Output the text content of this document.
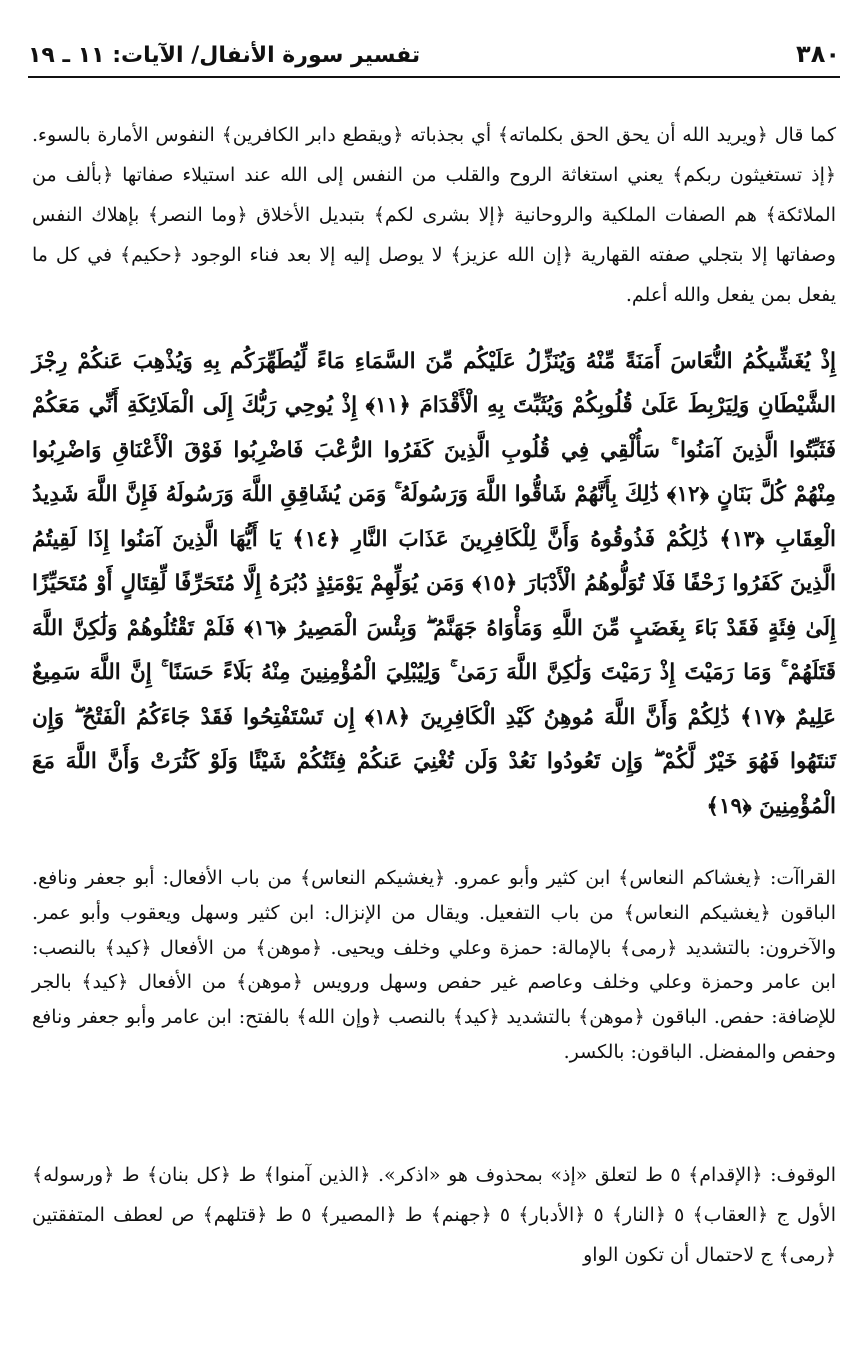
تفسير سورة الأنفال/ الآيات: ١١ ـ ١٩	٣٨٠

كما قال ﴿ويريد الله أن يحق الحق بكلماته﴾ أي بجذباته ﴿ويقطع دابر الكافرين﴾ النفوس الأمارة بالسوء. ﴿إذ تستغيثون ربكم﴾ يعني استغاثة الروح والقلب من النفس إلى الله عند استيلاء صفاتها ﴿بألف من الملائكة﴾ هم الصفات الملكية والروحانية ﴿إلا بشرى لكم﴾ بتبديل الأخلاق ﴿وما النصر﴾ بإهلاك النفس وصفاتها إلا بتجلي صفته القهارية ﴿إن الله عزيز﴾ لا يوصل إليه إلا بعد فناء الوجود ﴿حكيم﴾ في كل ما يفعل بمن يفعل والله أعلم.

إِذْ يُغَشِّيكُمُ النُّعَاسَ أَمَنَةً مِّنْهُ وَيُنَزِّلُ عَلَيْكُم مِّنَ السَّمَاءِ مَاءً لِّيُطَهِّرَكُم بِهِ وَيُذْهِبَ عَنكُمْ رِجْزَ الشَّيْطَانِ وَلِيَرْبِطَ عَلَىٰ قُلُوبِكُمْ وَيُثَبِّتَ بِهِ الْأَقْدَامَ ﴿١١﴾ إِذْ يُوحِي رَبُّكَ إِلَى الْمَلَائِكَةِ أَنِّي مَعَكُمْ فَثَبِّتُوا الَّذِينَ آمَنُوا ۚ سَأُلْقِي فِي قُلُوبِ الَّذِينَ كَفَرُوا الرُّعْبَ فَاضْرِبُوا فَوْقَ الْأَعْنَاقِ وَاضْرِبُوا مِنْهُمْ كُلَّ بَنَانٍ ﴿١٢﴾ ذَٰلِكَ بِأَنَّهُمْ شَاقُّوا اللَّهَ وَرَسُولَهُ ۚ وَمَن يُشَاقِقِ اللَّهَ وَرَسُولَهُ فَإِنَّ اللَّهَ شَدِيدُ الْعِقَابِ ﴿١٣﴾ ذَٰلِكُمْ فَذُوقُوهُ وَأَنَّ لِلْكَافِرِينَ عَذَابَ النَّارِ ﴿١٤﴾ يَا أَيُّهَا الَّذِينَ آمَنُوا إِذَا لَقِيتُمُ الَّذِينَ كَفَرُوا زَحْفًا فَلَا تُوَلُّوهُمُ الْأَدْبَارَ ﴿١٥﴾ وَمَن يُوَلِّهِمْ يَوْمَئِذٍ دُبُرَهُ إِلَّا مُتَحَرِّفًا لِّقِتَالٍ أَوْ مُتَحَيِّزًا إِلَىٰ فِئَةٍ فَقَدْ بَاءَ بِغَضَبٍ مِّنَ اللَّهِ وَمَأْوَاهُ جَهَنَّمُ ۖ وَبِئْسَ الْمَصِيرُ ﴿١٦﴾ فَلَمْ تَقْتُلُوهُمْ وَلَٰكِنَّ اللَّهَ قَتَلَهُمْ ۚ وَمَا رَمَيْتَ إِذْ رَمَيْتَ وَلَٰكِنَّ اللَّهَ رَمَىٰ ۚ وَلِيُبْلِيَ الْمُؤْمِنِينَ مِنْهُ بَلَاءً حَسَنًا ۚ إِنَّ اللَّهَ سَمِيعٌ عَلِيمٌ ﴿١٧﴾ ذَٰلِكُمْ وَأَنَّ اللَّهَ مُوهِنُ كَيْدِ الْكَافِرِينَ ﴿١٨﴾ إِن تَسْتَفْتِحُوا فَقَدْ جَاءَكُمُ الْفَتْحُ ۖ وَإِن تَنتَهُوا فَهُوَ خَيْرٌ لَّكُمْ ۖ وَإِن تَعُودُوا نَعُدْ وَلَن تُغْنِيَ عَنكُمْ فِئَتُكُمْ شَيْئًا وَلَوْ كَثُرَتْ وَأَنَّ اللَّهَ مَعَ الْمُؤْمِنِينَ ﴿١٩﴾

القراآت: ﴿يغشاكم النعاس﴾ ابن كثير وأبو عمرو. ﴿يغشيكم النعاس﴾ من باب الأفعال: أبو جعفر ونافع. الباقون ﴿يغشيكم النعاس﴾ من باب التفعيل. ويقال من الإنزال: ابن كثير وسهل ويعقوب وأبو عمر. والآخرون: بالتشديد ﴿رمى﴾ بالإمالة: حمزة وعلي وخلف ويحيى. ﴿موهن﴾ من الأفعال ﴿كيد﴾ بالنصب: ابن عامر وحمزة وعلي وخلف وعاصم غير حفص وسهل ورويس ﴿موهن﴾ من الأفعال ﴿كيد﴾ بالجر للإضافة: حفص. الباقون ﴿موهن﴾ بالتشديد ﴿كيد﴾ بالنصب ﴿وإن الله﴾ بالفتح: ابن عامر وأبو جعفر ونافع وحفص والمفضل. الباقون: بالكسر.

الوقوف: ﴿الإقدام﴾ ٥ ط لتعلق «إذ» بمحذوف هو «اذكر». ﴿الذين آمنوا﴾ ط ﴿كل بنان﴾ ط ﴿ورسوله﴾ الأول ج ﴿العقاب﴾ ٥ ﴿النار﴾ ٥ ﴿الأدبار﴾ ٥ ﴿جهنم﴾ ط ﴿المصير﴾ ٥ ط ﴿قتلهم﴾ ص لعطف المتفقتين ﴿رمى﴾ ج لاحتمال أن تكون الواو
